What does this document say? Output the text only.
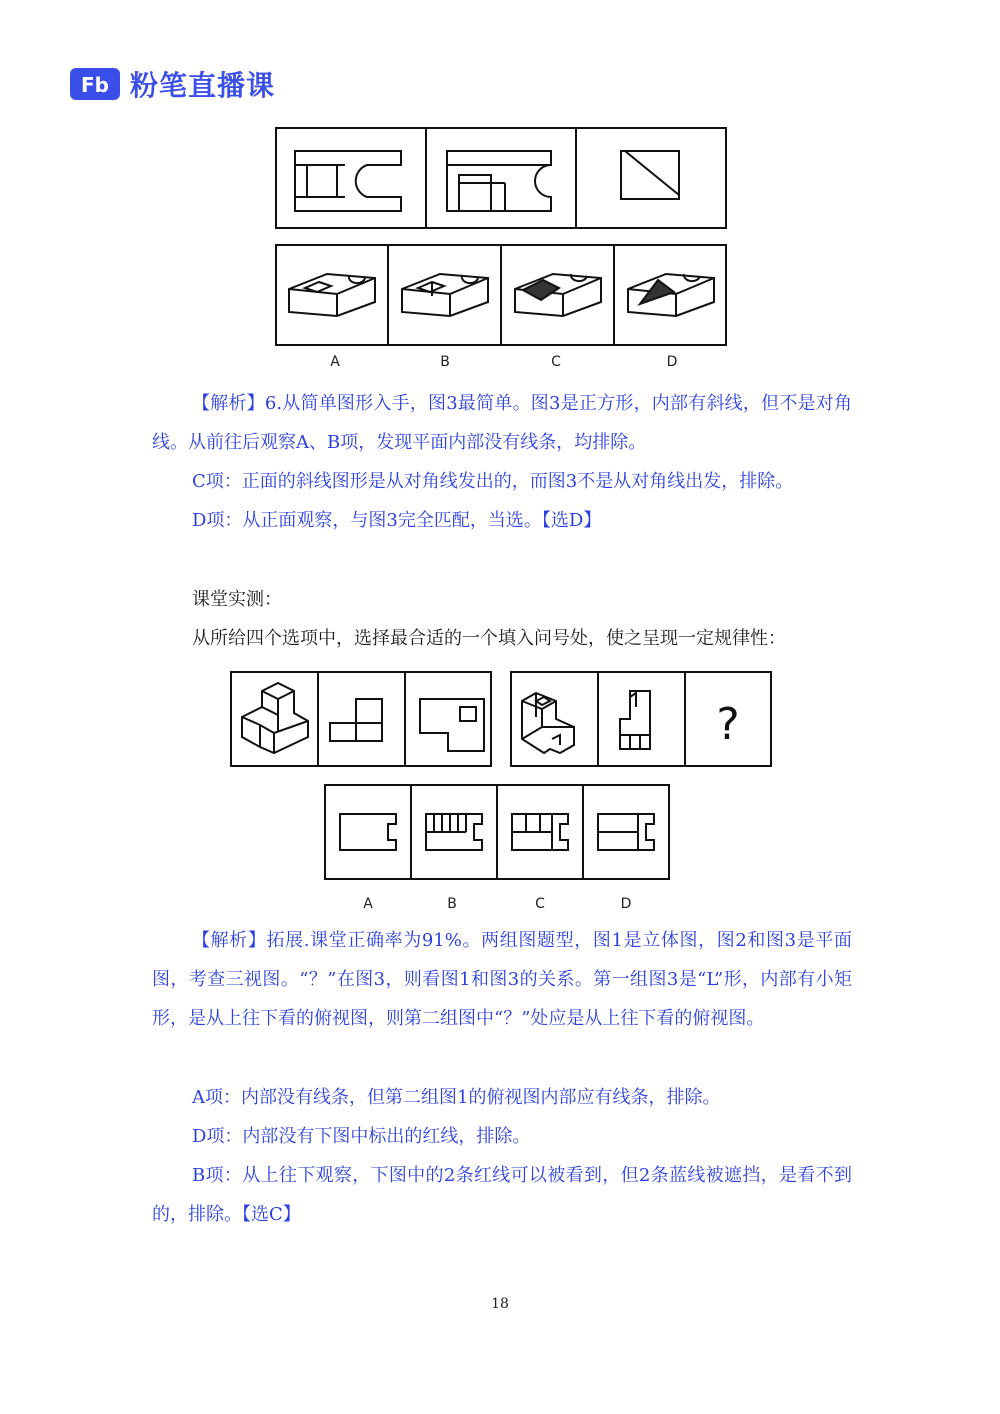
Fb 粉笔直播课
A	B	C	D

【解析】6.从简单图形入手，图3最简单。图3是正方形，内部有斜线，但不是对角线。从前往后观察A、B项，发现平面内部没有线条，均排除。

C项：正面的斜线图形是从对角线发出的，而图3不是从对角线出发，排除。

D项：从正面观察，与图3完全匹配，当选。【选D】

课堂实测：

从所给四个选项中，选择最合适的一个填入问号处，使之呈现一定规律性：

?
A	B	C	D

【解析】拓展.课堂正确率为91%。两组图题型，图1是立体图，图2和图3是平面图，考查三视图。“？”在图3，则看图1和图3的关系。第一组图3是“L”形，内部有小矩形，是从上往下看的俯视图，则第二组图中“？”处应是从上往下看的俯视图。

A项：内部没有线条，但第二组图1的俯视图内部应有线条，排除。

D项：内部没有下图中标出的红线，排除。

B项：从上往下观察，下图中的2条红线可以被看到，但2条蓝线被遮挡，是看不到的，排除。【选C】

18
